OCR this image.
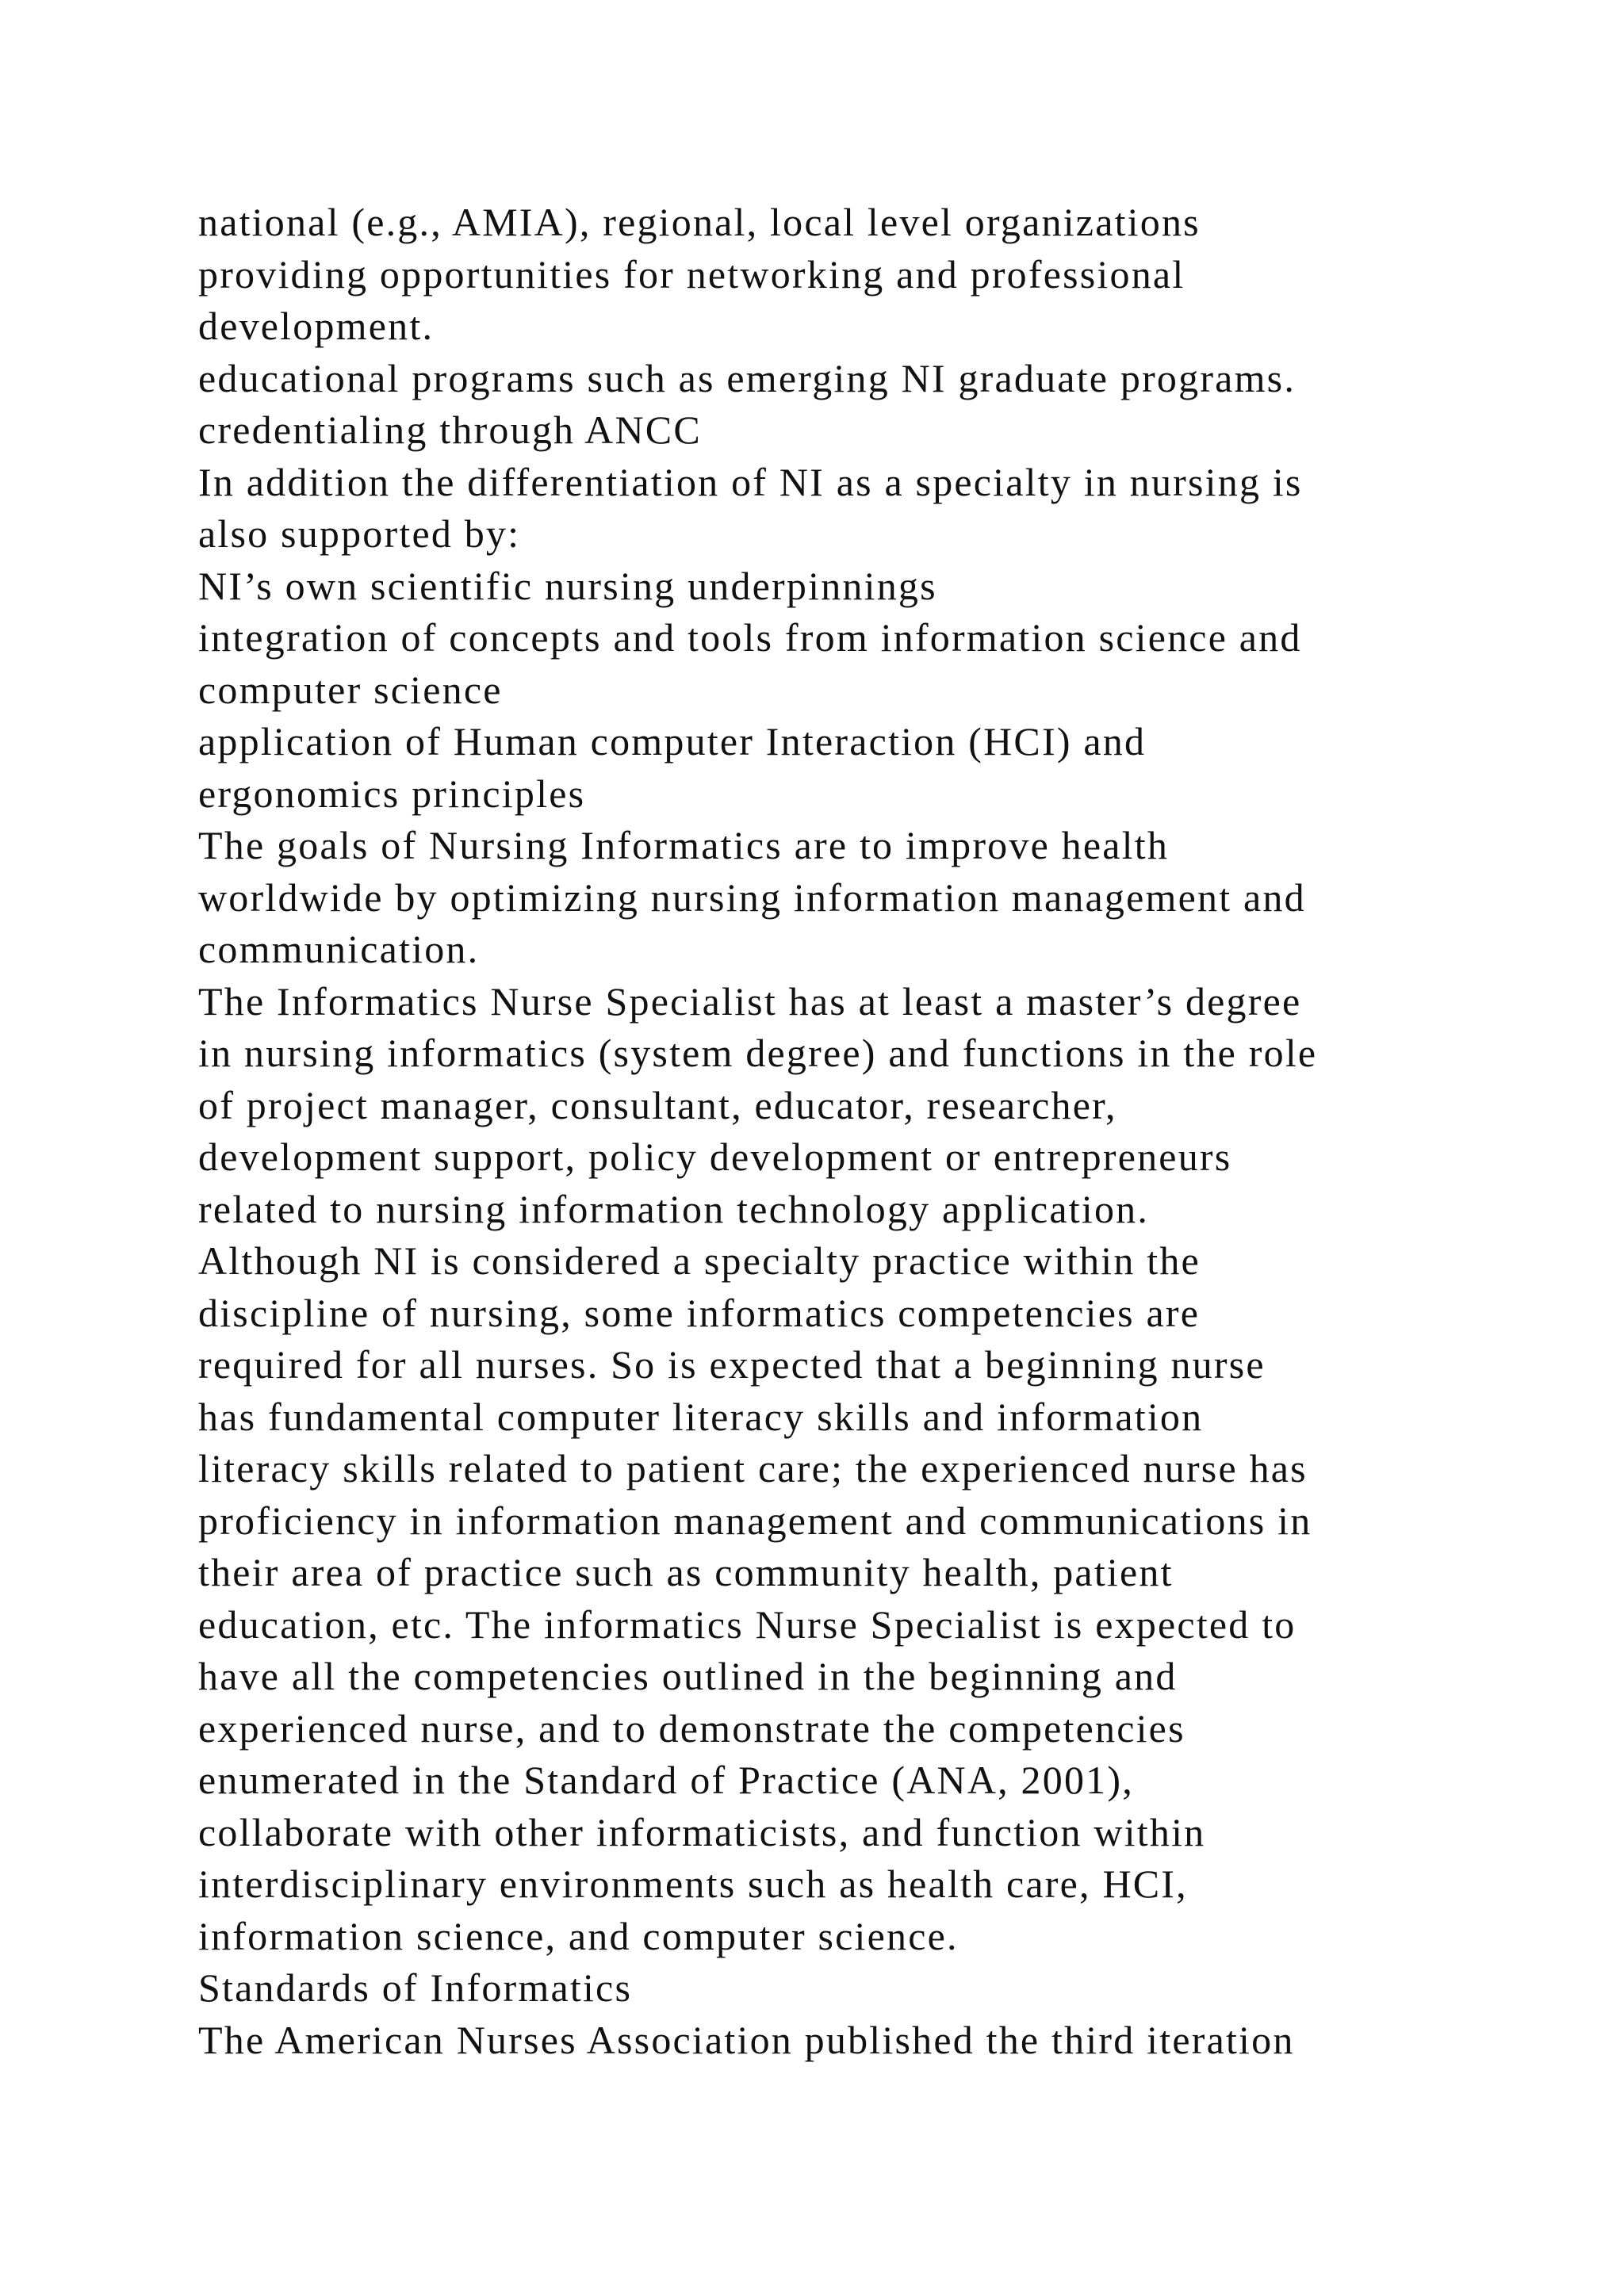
national (e.g., AMIA), regional, local level organizations
providing opportunities for networking and professional
development.
educational programs such as emerging NI graduate programs.
credentialing through ANCC
In addition the differentiation of NI as a specialty in nursing is
also supported by:
NI’s own scientific nursing underpinnings
integration of concepts and tools from information science and
computer science
application of Human computer Interaction (HCI) and
ergonomics principles
The goals of Nursing Informatics are to improve health
worldwide by optimizing nursing information management and
communication.
The Informatics Nurse Specialist has at least a master’s degree
in nursing informatics (system degree) and functions in the role
of project manager, consultant, educator, researcher,
development support, policy development or entrepreneurs
related to nursing information technology application.
Although NI is considered a specialty practice within the
discipline of nursing, some informatics competencies are
required for all nurses. So is expected that a beginning nurse
has fundamental computer literacy skills and information
literacy skills related to patient care; the experienced nurse has
proficiency in information management and communications in
their area of practice such as community health, patient
education, etc. The informatics Nurse Specialist is expected to
have all the competencies outlined in the beginning and
experienced nurse, and to demonstrate the competencies
enumerated in the Standard of Practice (ANA, 2001),
collaborate with other informaticists, and function within
interdisciplinary environments such as health care, HCI,
information science, and computer science.
Standards of Informatics
The American Nurses Association published the third iteration
